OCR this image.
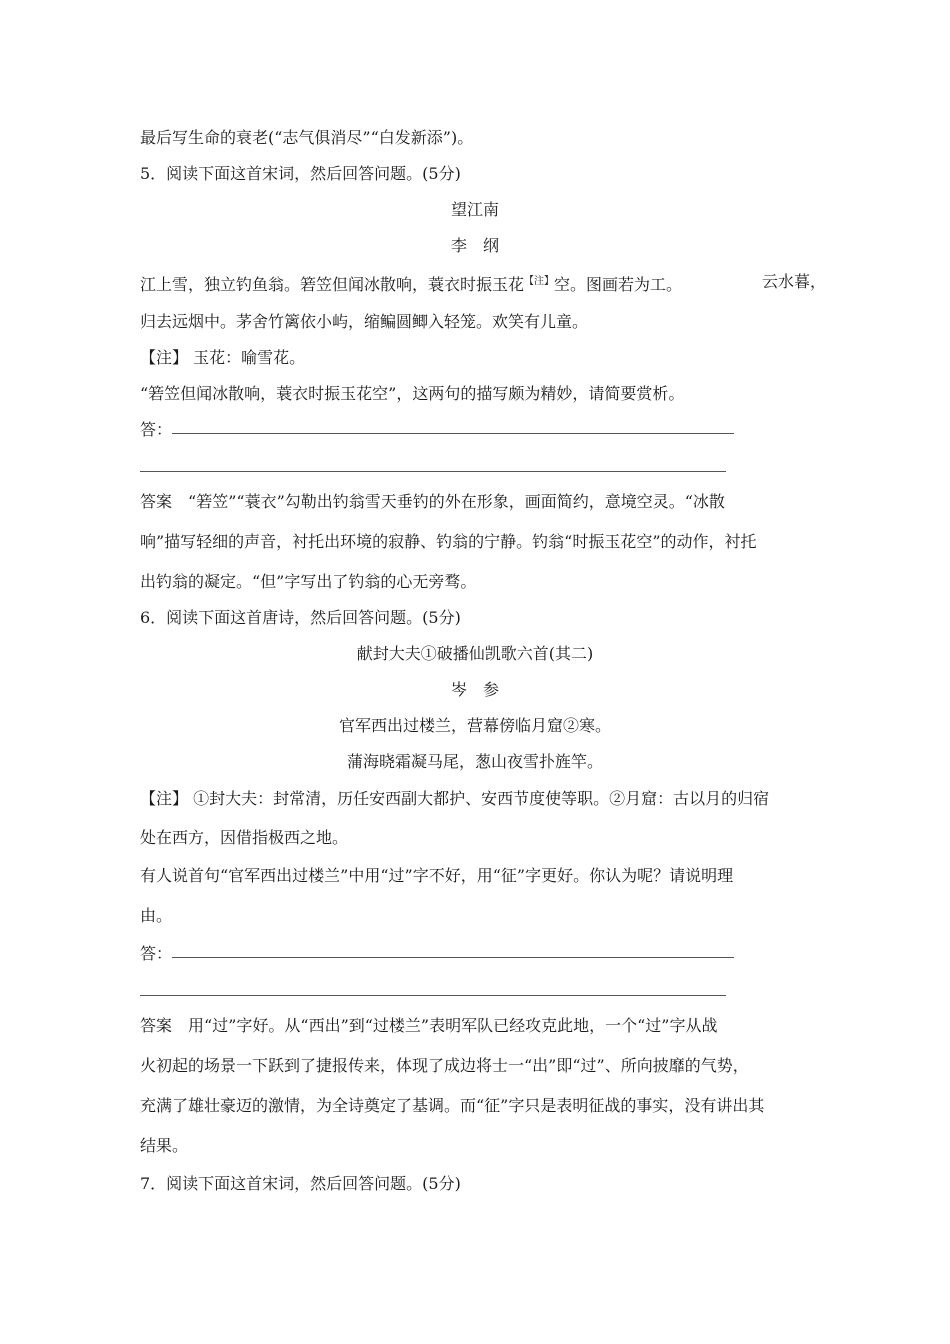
最后写生命的衰老(“志气俱消尽”“白发新添”)。
5．阅读下面这首宋词，然后回答问题。(5分)
望江南
李　纲
江上雪，独立钓鱼翁。箬笠但闻冰散响，蓑衣时振玉花$^{【注】}$空。图画若为工。	云水暮，
归去远烟中。茅舍竹篱依小屿，缩鳊圆鲫入轻笼。欢笑有儿童。
【注】 玉花：喻雪花。
“箬笠但闻冰散响，蓑衣时振玉花空”，这两句的描写颇为精妙，请简要赏析。
答：
答案　 “箬笠”“蓑衣”勾勒出钓翁雪天垂钓的外在形象，画面简约，意境空灵。“冰散
响”描写轻细的声音，衬托出环境的寂静、钓翁的宁静。钓翁“时振玉花空”的动作，衬托
出钓翁的凝定。“但”字写出了钓翁的心无旁骛。
6．阅读下面这首唐诗，然后回答问题。(5分)
献封大夫①破播仙凯歌六首(其二)
岑　参
官军西出过楼兰，营幕傍临月窟②寒。
蒲海晓霜凝马尾，葱山夜雪扑旌竿。
【注】 ①封大夫：封常清，历任安西副大都护、安西节度使等职。②月窟：古以月的归宿
处在西方，因借指极西之地。
有人说首句“官军西出过楼兰”中用“过”字不好，用“征”字更好。你认为呢？请说明理
由。
答：
答案　 用“过”字好。从“西出”到“过楼兰”表明军队已经攻克此地，一个“过”字从战
火初起的场景一下跃到了捷报传来，体现了成边将士一“出”即“过”、所向披靡的气势，
充满了雄壮豪迈的激情，为全诗奠定了基调。而“征”字只是表明征战的事实，没有讲出其
结果。
7．阅读下面这首宋词，然后回答问题。(5分)
